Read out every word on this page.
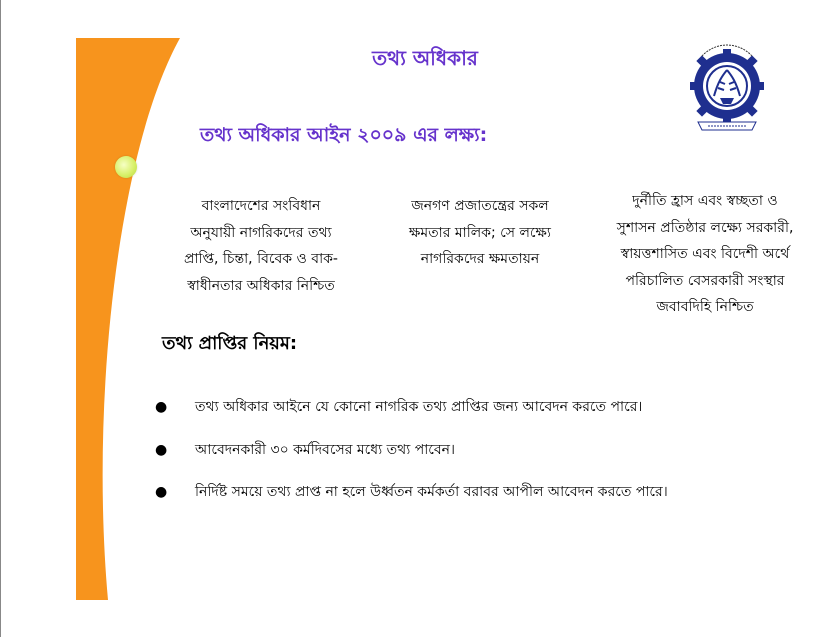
তথ্য অধিকার
তথ্য অধিকার আইন ২০০৯ এর লক্ষ্য:
বাংলাদেশের সংবিধান
অনুযায়ী নাগরিকদের তথ্য
প্রাপ্তি, চিন্তা, বিবেক ও বাক-
স্বাধীনতার অধিকার নিশ্চিত
জনগণ প্রজাতন্ত্রের সকল
ক্ষমতার মালিক; সে লক্ষ্যে
নাগরিকদের ক্ষমতায়ন
দুর্নীতি হ্রাস এবং স্বচ্ছতা ও
সুশাসন প্রতিষ্ঠার লক্ষ্যে সরকারী,
স্বায়ত্তশাসিত এবং বিদেশী অর্থে
পরিচালিত বেসরকারী সংস্থার
জবাবদিহি নিশ্চিত
তথ্য প্রাপ্তির নিয়ম:
● তথ্য অধিকার আইনে যে কোনো নাগরিক তথ্য প্রাপ্তির জন্য আবেদন করতে পারে।
● আবেদনকারী ৩০ কর্মদিবসের মধ্যে তথ্য পাবেন।
● নির্দিষ্ট সময়ে তথ্য প্রাপ্ত না হলে উর্ধ্বতন কর্মকর্তা বরাবর আপীল আবেদন করতে পারে।
